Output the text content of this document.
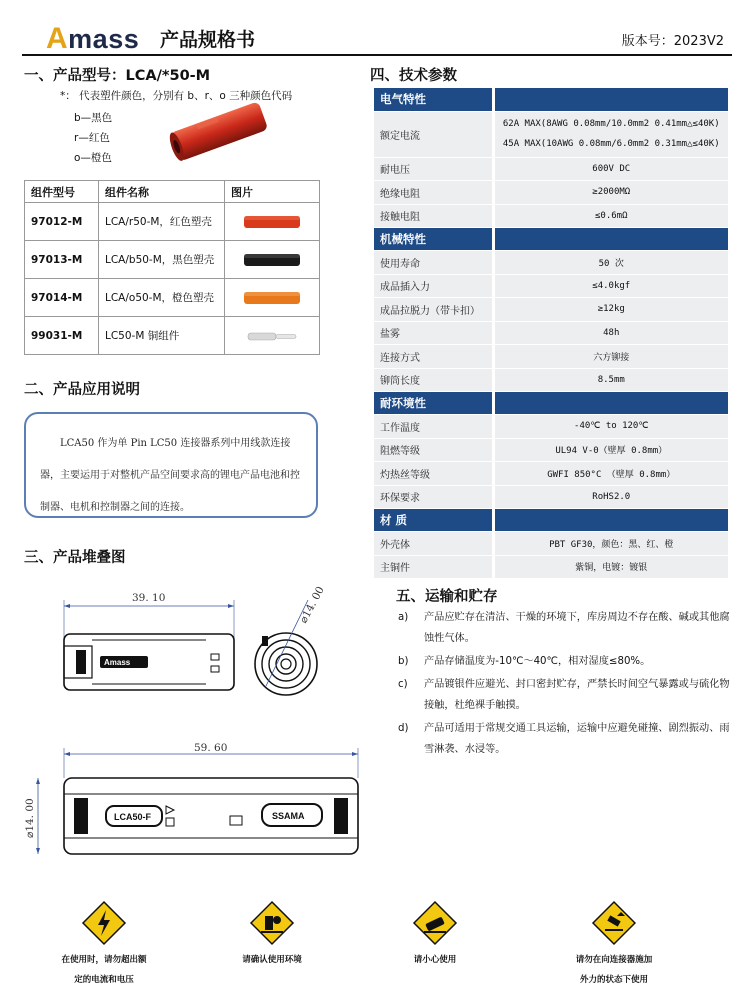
Amass 产品规格书	版本号：2023V2
一、产品型号：LCA/*50-M
*： 代表塑件颜色，分别有 b、r、o 三种颜色代码
b—黑色
r—红色
o—橙色
组件型号	组件名称	图片
97012-M	LCA/r50-M，红色塑壳	

97013-M	LCA/b50-M，黑色塑壳	

97014-M	LCA/o50-M，橙色塑壳	

99031-M	LC50-M 铜组件	
二、产品应用说明
LCA50 作为单 Pin LC50 连接器系列中用线款连接器，主要运用于对整机产品空间要求高的锂电产品电池和控制器、电机和控制器之间的连接。
三、产品堆叠图
39. 10
Amass
⌀14. 00
59. 60
⌀14. 00	LCA50-F	SSAMA
四、技术参数
电气特性	
额定电流	62A MAX(8AWG 0.08mm/10.0mm2 0.41mm△≤40K)
45A MAX(10AWG 0.08mm/6.0mm2 0.31mm△≤40K)

耐电压	600V DC
绝缘电阻	≥2000MΩ
接触电阻	≤0.6mΩ
机械特性	
使用寿命	50 次
成品插入力	≤4.0kgf
成品拉脱力（带卡扣）	≥12kg
盐雾	48h
连接方式	六方铆接
铆筒长度	8.5mm
耐环境性	
工作温度	-40℃ to 120℃
阻燃等级	UL94 V-0（壁厚 0.8mm）
灼热丝等级	GWFI 850°C （壁厚 0.8mm）
环保要求	RoHS2.0
材 质	
外壳体	PBT GF30，颜色：黑、红、橙
主铜件	紫铜，电镀：镀银
五、运输和贮存
a) 产品应贮存在清洁、干燥的环境下，库房周边不存在酸、碱或其他腐蚀性气体。
b) 产品存储温度为-10℃～40℃，相对湿度≤80%。
c) 产品镀银件应避光、封口密封贮存，严禁长时间空气暴露或与硫化物接触，杜绝裸手触摸。
d) 产品可适用于常规交通工具运输，运输中应避免碰撞、剧烈振动、雨雪淋袭、水浸等。
在使用时，请勿超出额
定的电流和电压
请确认使用环境	请小心使用	请勿在向连接器施加
外力的状态下使用
